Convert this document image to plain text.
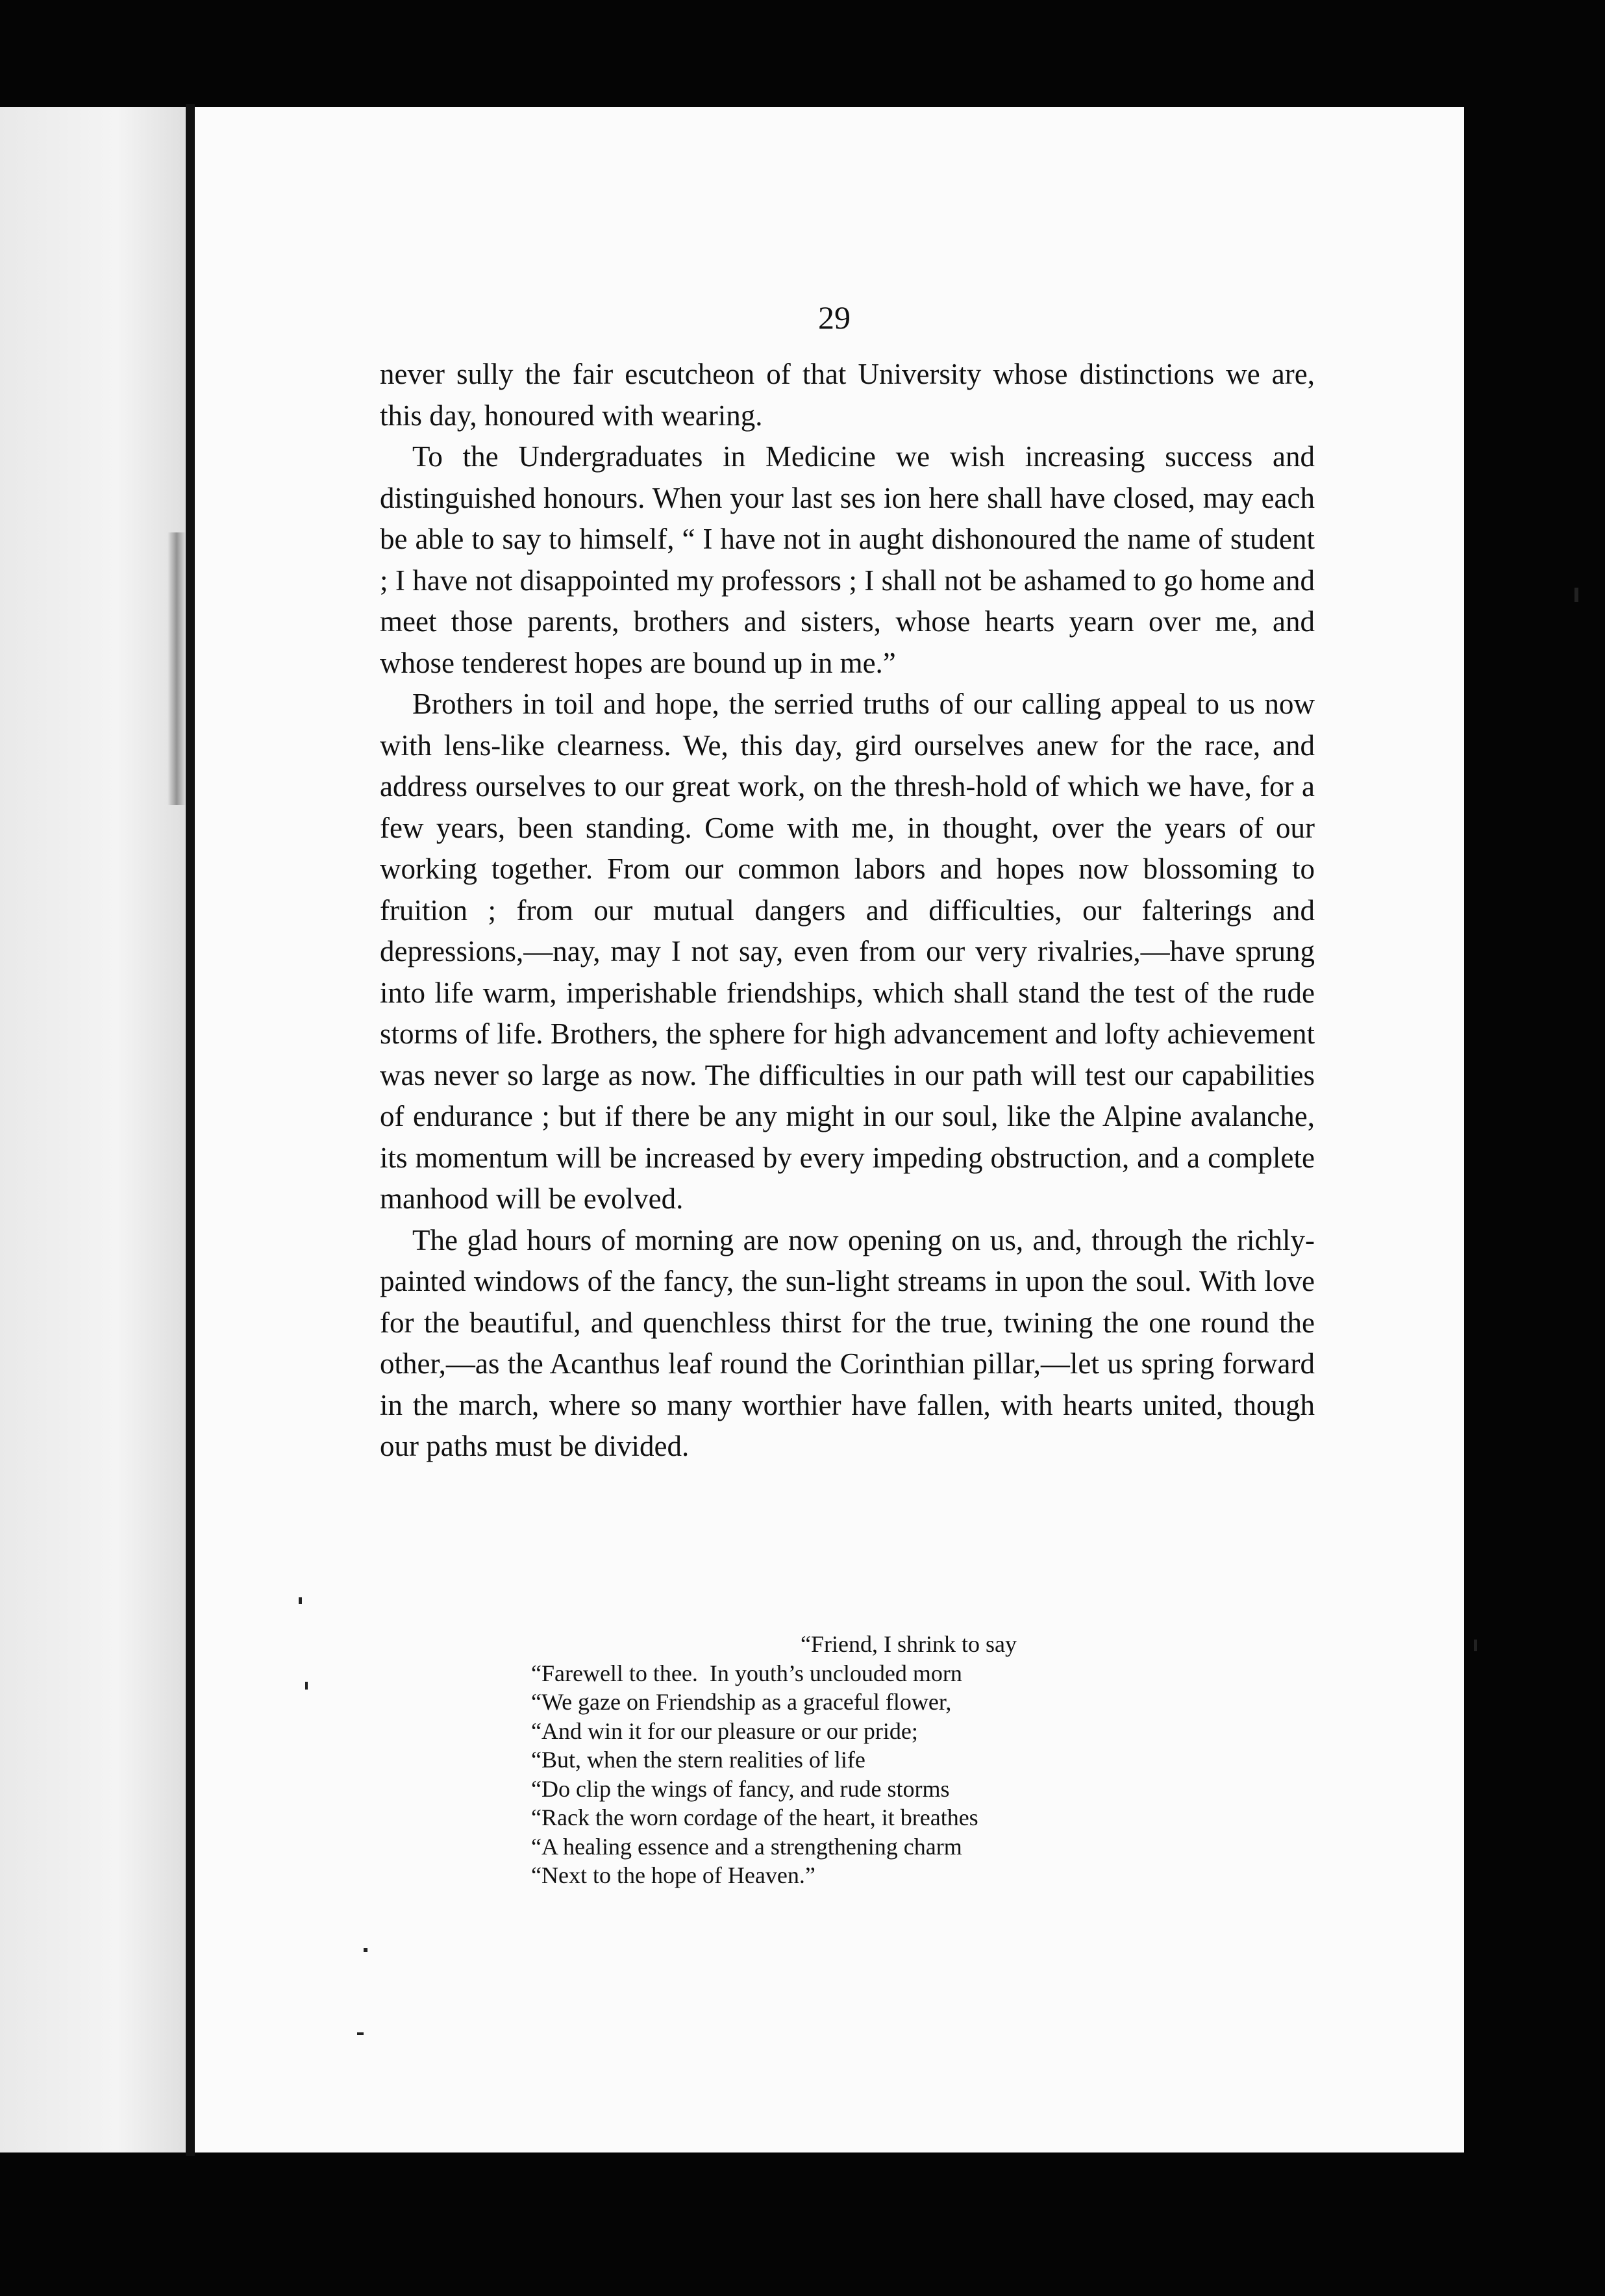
29

never sully the fair escutcheon of that University whose distinctions we are, this day, honoured with wearing.

To the Undergraduates in Medicine we wish increasing success and distinguished honours. When your last ses ion here shall have closed, may each be able to say to himself, “ I have not in aught dishonoured the name of student ; I have not disappointed my professors ; I shall not be ashamed to go home and meet those parents, brothers and sisters, whose hearts yearn over me, and whose tenderest hopes are bound up in me.”

Brothers in toil and hope, the serried truths of our calling appeal to us now with lens-like clearness. We, this day, gird ourselves anew for the race, and address ourselves to our great work, on the thresh-hold of which we have, for a few years, been standing. Come with me, in thought, over the years of our working together. From our common labors and hopes now blossoming to fruition ; from our mutual dangers and difficulties, our falterings and depressions,—nay, may I not say, even from our very rivalries,—have sprung into life warm, imperishable friendships, which shall stand the test of the rude storms of life. Brothers, the sphere for high advancement and lofty achievement was never so large as now. The difficulties in our path will test our capabilities of endurance ; but if there be any might in our soul, like the Alpine avalanche, its momentum will be increased by every impeding obstruction, and a complete manhood will be evolved.

The glad hours of morning are now opening on us, and, through the richly-painted windows of the fancy, the sun-light streams in upon the soul. With love for the beautiful, and quenchless thirst for the true, twining the one round the other,—as the Acanthus leaf round the Corinthian pillar,—let us spring forward in the march, where so many worthier have fallen, with hearts united, though our paths must be divided.

“Friend, I shrink to say
“Farewell to thee.  In youth’s unclouded morn
“We gaze on Friendship as a graceful flower,
“And win it for our pleasure or our pride;
“But, when the stern realities of life
“Do clip the wings of fancy, and rude storms
“Rack the worn cordage of the heart, it breathes
“A healing essence and a strengthening charm
“Next to the hope of Heaven.”
